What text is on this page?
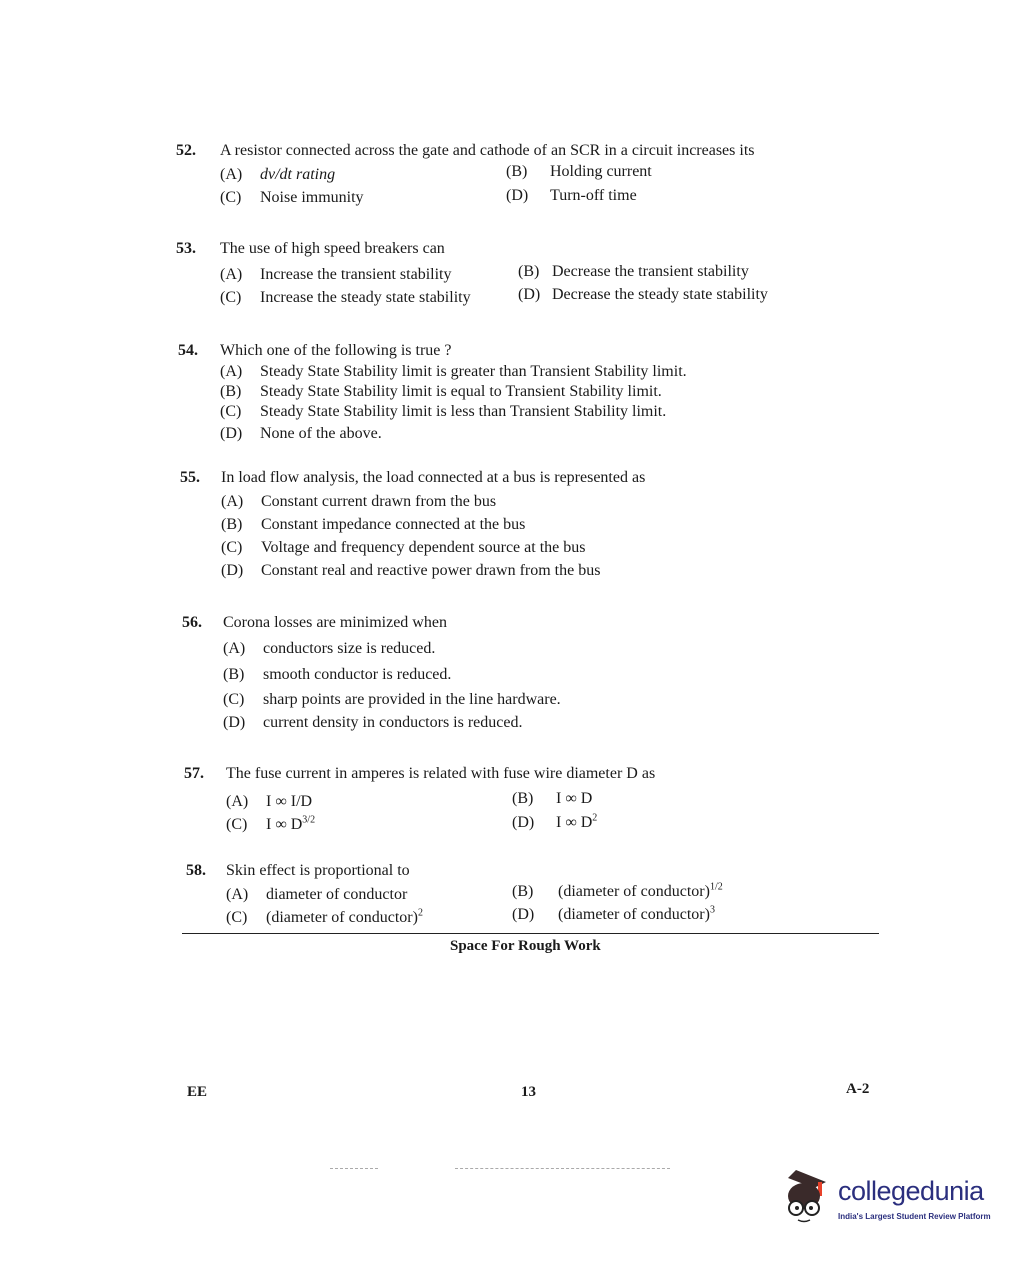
52. A resistor connected across the gate and cathode of an SCR in a circuit increases its
(A) dv/dt rating	(B) Holding current
(C) Noise immunity	(D) Turn-off time
53. The use of high speed breakers can
(A) Increase the transient stability	(B) Decrease the transient stability
(C) Increase the steady state stability	(D) Decrease the steady state stability
54. Which one of the following is true ?
(A) Steady State Stability limit is greater than Transient Stability limit.
(B) Steady State Stability limit is equal to Transient Stability limit.
(C) Steady State Stability limit is less than Transient Stability limit.
(D) None of the above.
55. In load flow analysis, the load connected at a bus is represented as
(A) Constant current drawn from the bus
(B) Constant impedance connected at the bus
(C) Voltage and frequency dependent source at the bus
(D) Constant real and reactive power drawn from the bus
56. Corona losses are minimized when
(A) conductors size is reduced.
(B) smooth conductor is reduced.
(C) sharp points are provided in the line hardware.
(D) current density in conductors is reduced.
57. The fuse current in amperes is related with fuse wire diameter D as
(A) I ∞ I/D	(B) I ∞ D
(C) I ∞ $D^{3/2}$	(D) I ∞ $D^2$
58. Skin effect is proportional to
(A) diameter of conductor	(B) (diameter of conductor)$^{1/2}$
(C) (diameter of conductor)$^2$	(D) (diameter of conductor)$^3$
Space For Rough Work
EE	13	A-2
collegedunia
India's Largest Student Review Platform
